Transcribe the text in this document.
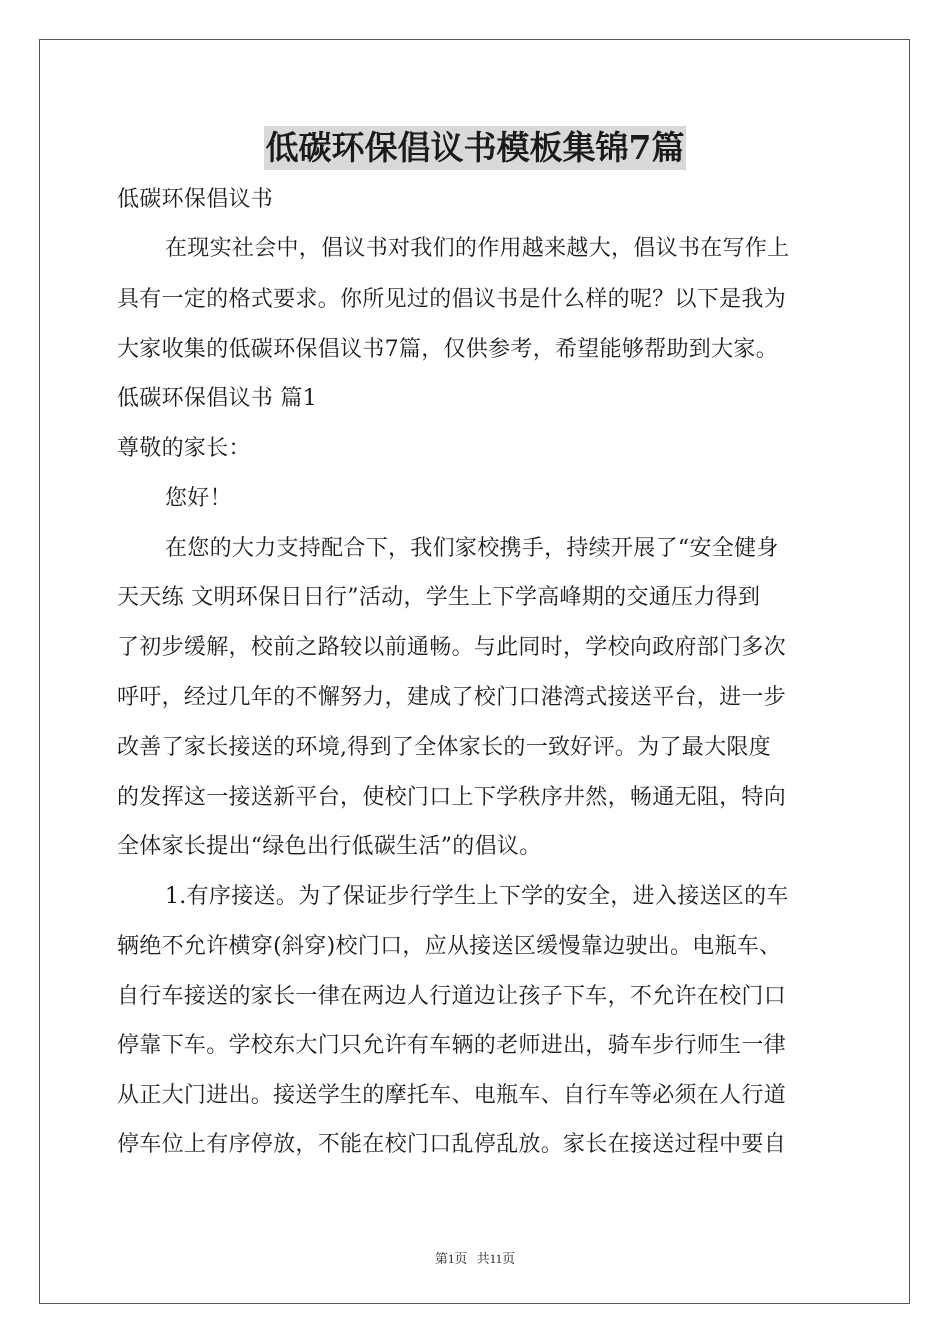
低碳环保倡议书模板集锦7篇
低碳环保倡议书
在现实社会中，倡议书对我们的作用越来越大，倡议书在写作上
具有一定的格式要求。你所见过的倡议书是什么样的呢？以下是我为
大家收集的低碳环保倡议书7篇，仅供参考，希望能够帮助到大家。
低碳环保倡议书 篇1
尊敬的家长：
您好！
在您的大力支持配合下，我们家校携手，持续开展了“安全健身
天天练 文明环保日日行”活动，学生上下学高峰期的交通压力得到
了初步缓解，校前之路较以前通畅。与此同时，学校向政府部门多次
呼吁，经过几年的不懈努力，建成了校门口港湾式接送平台，进一步
改善了家长接送的环境,得到了全体家长的一致好评。为了最大限度
的发挥这一接送新平台，使校门口上下学秩序井然，畅通无阻，特向
全体家长提出“绿色出行低碳生活”的倡议。
1.有序接送。为了保证步行学生上下学的安全，进入接送区的车
辆绝不允许横穿(斜穿)校门口，应从接送区缓慢靠边驶出。电瓶车、
自行车接送的家长一律在两边人行道边让孩子下车，不允许在校门口
停靠下车。学校东大门只允许有车辆的老师进出，骑车步行师生一律
从正大门进出。接送学生的摩托车、电瓶车、自行车等必须在人行道
停车位上有序停放，不能在校门口乱停乱放。家长在接送过程中要自
第1页 共11页
